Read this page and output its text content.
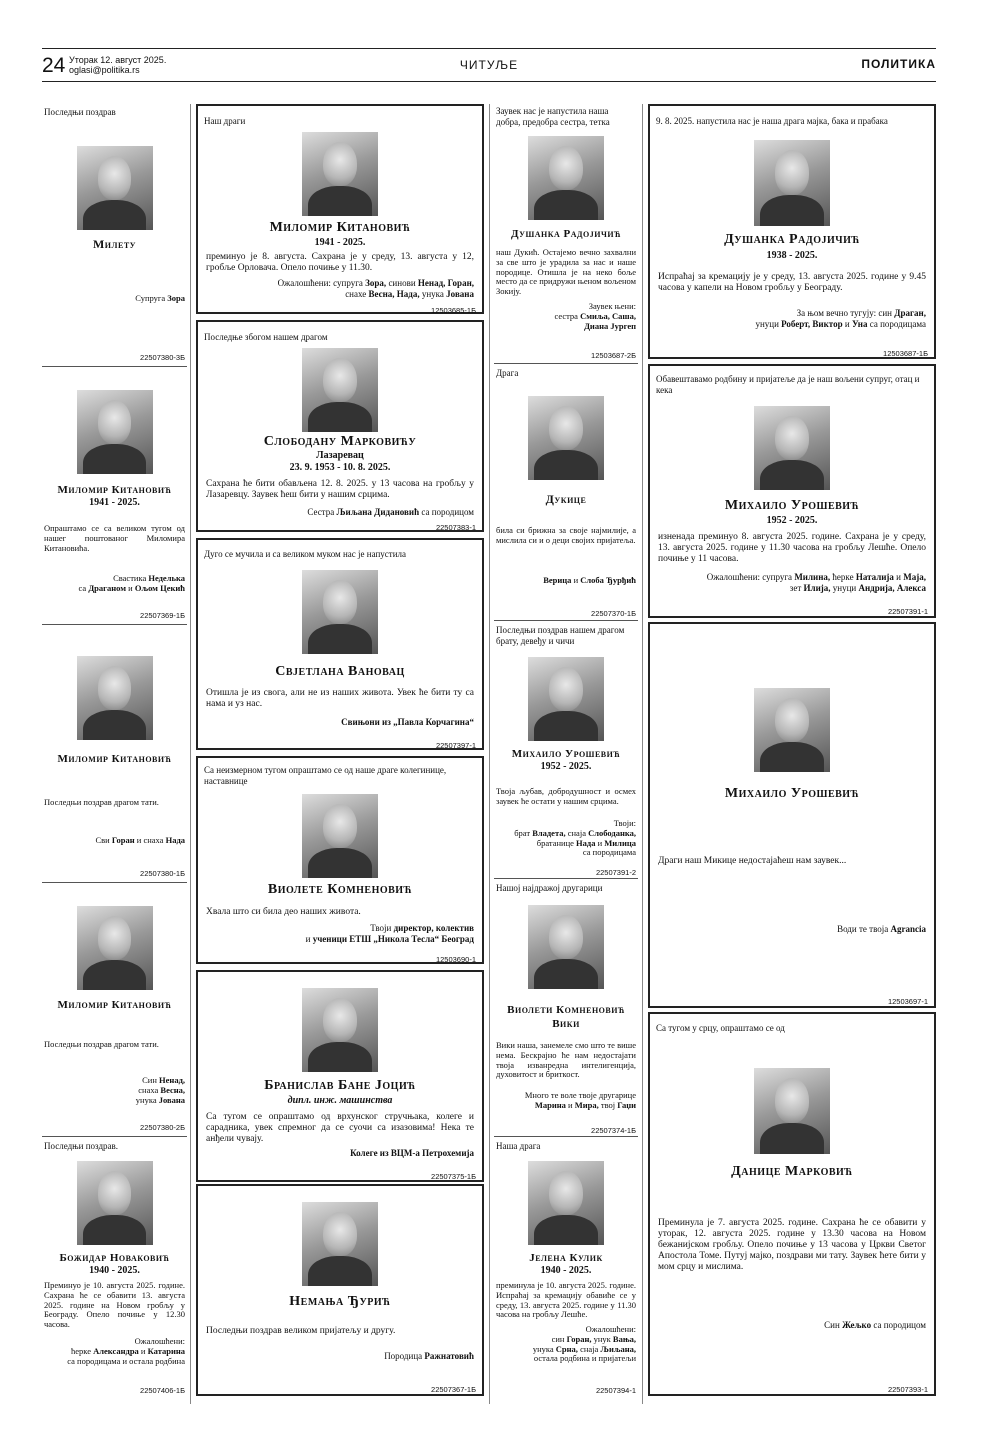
24 Уторак 12. август 2025.
oglasi@politika.rs	ЧИТУЉЕ	ПОЛИТИКА
Последњи поздрав
Милету
Супруга Зора
22507380-3Б
Миломир Китановић
1941 - 2025.
Опраштамо се са великом тугом од нашег поштованог Миломира Китановића.
Свастика Неделька
са Драганом и Ољом Цекић
22507369-1Б
Миломир Китановић
Последњи поздрав драгом тати.
Сви Горан и снаха Нада
22507380-1Б
Миломир Китановић
Последњи поздрав драгом тати.
Син Ненад,
снаха Весна,
унука Јована
22507380-2Б
Последњи поздрав.
Божидар Новаковић
1940 - 2025.
Преминуо је 10. августа 2025. године. Сахрана ће се обавити 13. августа 2025. године на Новом гробљу у Београду. Опело почиње у 12.30 часова.
Ожалошћени:
ћерке Александра и Катарина
са породицама и остала родбина
22507406-1Б
Наш драги
Миломир Китановић
1941 - 2025.
преминуо је 8. августа. Сахрана је у среду, 13. августа у 12, гробље Орловача. Опело почиње у 11.30.
Ожалошћени: супруга Зора, синови Ненад, Горан,
снахе Весна, Нада, унука Јована
12503685-1Б
Последње збогом нашем драгом
Слободану Марковићу
Лазаревац
23. 9. 1953 - 10. 8. 2025.
Сахрана ће бити обављена 12. 8. 2025. у 13 часова на гробљу у Лазаревцу. Заувек ћеш бити у нашим срцима.
Сестра Љиљана Дидановић са породицом
22507383-1
Дуго се мучила и са великом муком нас је напустила
Свјетлана Вановац
Отишла је из свога, али не из наших живота. Увек ће бити ту са нама и уз нас.
Свињони из „Павла Корчагина“
22507397-1
Са неизмерном тугом опраштамо се од наше драге колегинице, наставнице
Виолете Комненовић
Хвала што си била део наших живота.
Твоји директор, колектив
и ученици ЕТШ „Никола Тесла“ Београд
12503690-1
Бранислав Бане Јоцић
дипл. инж. машинства
Са тугом се опраштамо од врхунског стручњака, колеге и сарадника, увек спремног да се суочи са изазовима! Нека те анђели чувају.
Колеге из ВЦМ-а Петрохемија
22507375-1Б
Немања Ђурић
Последњи поздрав великом пријатељу и другу.
Породица Ражнатовић
22507367-1Б
Заувек нас је напустила наша добра, предобра сестра, тетка
Душанка Радојичић
наш Дукић. Остајемо вечно захвални за све што је урадила за нас и наше породице. Отишла је на неко боље место да се придружи њеном вољеном Зокију.
Заувек њени:
сестра Смиља, Саша,
Диана Јургеп
12503687-2Б
Драга
Дукице
била си брижна за своје најмилије, а мислила си и о деци својих пријатеља.
Верица и Слоба Ђурђић
22507370-1Б
Последњи поздрав нашем драгом брату, девеђу и чичи
Михаило Урошевић
1952 - 2025.
Твоја љубав, добродушност и осмех заувек ће остати у нашим срцима.
Твоји:
брат Владета, снаја Слободанка,
братанице Нада и Милица
са породицама
22507391-2
Нашој најдражој другарици
Виолети Комненовић
Вики
Вики наша, занемеле смо што те више нема. Бескрајно ће нам недостајати твоја изванредна интелигенција, духовитост и бриткост.
Много те воле твоје другарице
Марина и Мира, твој Гаџи
22507374-1Б
Наша драга
Јелена Кулик
1940 - 2025.
преминула је 10. августа 2025. године. Испраћај за кремацију обавиће се у среду, 13. августа 2025. године у 11.30 часова на гробљу Лешће.
Ожалошћени:
син Горан, унук Вања,
унука Срна, снаја Љиљана,
остала родбина и пријатељи
22507394-1
9. 8. 2025. напустила нас је наша драга мајка, бака и прабака
Душанка Радојичић
1938 - 2025.
Испраћај за кремацију је у среду, 13. августа 2025. године у 9.45 часова у капели на Новом гробљу у Београду.
За њом вечно тугују: син Драган,
унуци Роберт, Виктор и Уна са породицама
12503687-1Б
Обавештавамо родбину и пријатеље да је наш вољени супруг, отац и кека
Михаило Урошевић
1952 - 2025.
изненада преминуо 8. августа 2025. године. Сахрана је у среду, 13. августа 2025. године у 11.30 часова на гробљу Лешће. Опело почиње у 11 часова.
Ожалошћени: супруга Милина, ћерке Наталија и Маја,
зет Илија, унуци Андрија, Алекса
22507391-1
Михаило Урошевић
Драги наш Микице недостајаћеш нам заувек...
Води те твоја Agrancia
12503697-1
Са тугом у срцу, опраштамо се од
Данице Марковић
Преминула је 7. августа 2025. године. Сахрана ће се обавити у уторак, 12. августа 2025. године у 13.30 часова на Новом бежанијском гробљу. Опело почиње у 13 часова у Цркви Светог Апостола Томе. Путуј мајко, поздрави ми тату. Заувек ћете бити у мом срцу и мислима.
Син Жељко са породицом
22507393-1
